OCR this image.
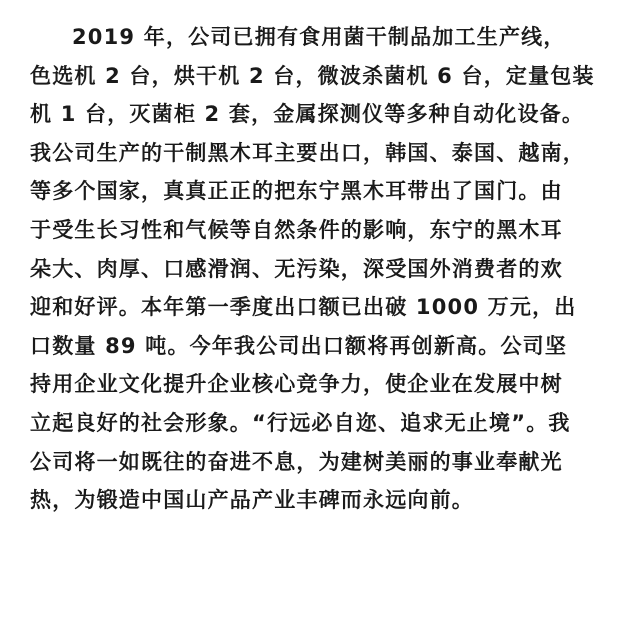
2019 年，公司已拥有食用菌干制品加工生产线，
色选机 2 台，烘干机 2 台，微波杀菌机 6 台，定量包装
机 1 台，灭菌柜 2 套，金属探测仪等多种自动化设备。
我公司生产的干制黑木耳主要出口，韩国、泰国、越南，
等多个国家，真真正正的把东宁黑木耳带出了国门。由
于受生长习性和气候等自然条件的影响，东宁的黑木耳
朵大、肉厚、口感滑润、无污染，深受国外消费者的欢
迎和好评。本年第一季度出口额已出破 1000 万元，出
口数量 89 吨。今年我公司出口额将再创新高。公司坚
持用企业文化提升企业核心竞争力，使企业在发展中树
立起良好的社会形象。“行远必自迩、追求无止境”。我
公司将一如既往的奋进不息，为建树美丽的事业奉献光
热，为锻造中国山产品产业丰碑而永远向前。
